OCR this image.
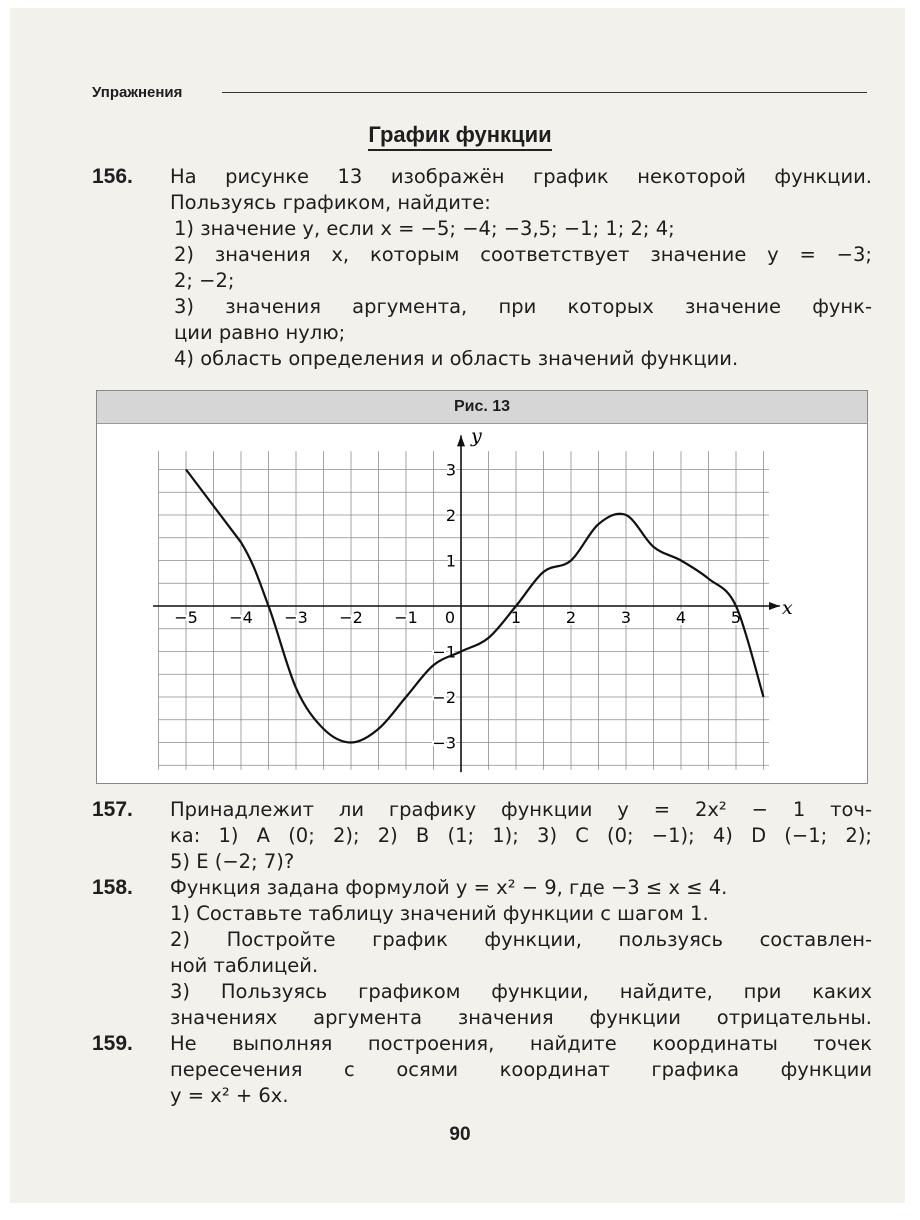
Упражнения
График функции
156. На рисунке 13 изображён график некоторой функции.
Пользуясь графиком, найдите:
1) значение y, если x = −5; −4; −3,5; −1; 1; 2; 4;
2) значения x, которым соответствует значение y = −3;
2; −2;
3) значения аргумента, при которых значение функ-
ции равно нулю;
4) область определения и область значений функции.
Рис. 13
x
y
−5 −4 −3 −2 −1 0	1	2	3	4	5
3
2
1
−1
−2
−3
157. Принадлежит ли графику функции y = 2x² − 1 точ-
ка: 1) A (0; 2); 2) B (1; 1); 3) C (0; −1); 4) D (−1; 2);
5) E (−2; 7)?
158. Функция задана формулой y = x² − 9, где −3 ≤ x ≤ 4.
1) Составьте таблицу значений функции с шагом 1.
2) Постройте график функции, пользуясь составлен-
ной таблицей.
3) Пользуясь графиком функции, найдите, при каких
значениях аргумента значения функции отрицательны.
159. Не выполняя построения, найдите координаты точек
пересечения с осями координат графика функции
y = x² + 6x.
90
